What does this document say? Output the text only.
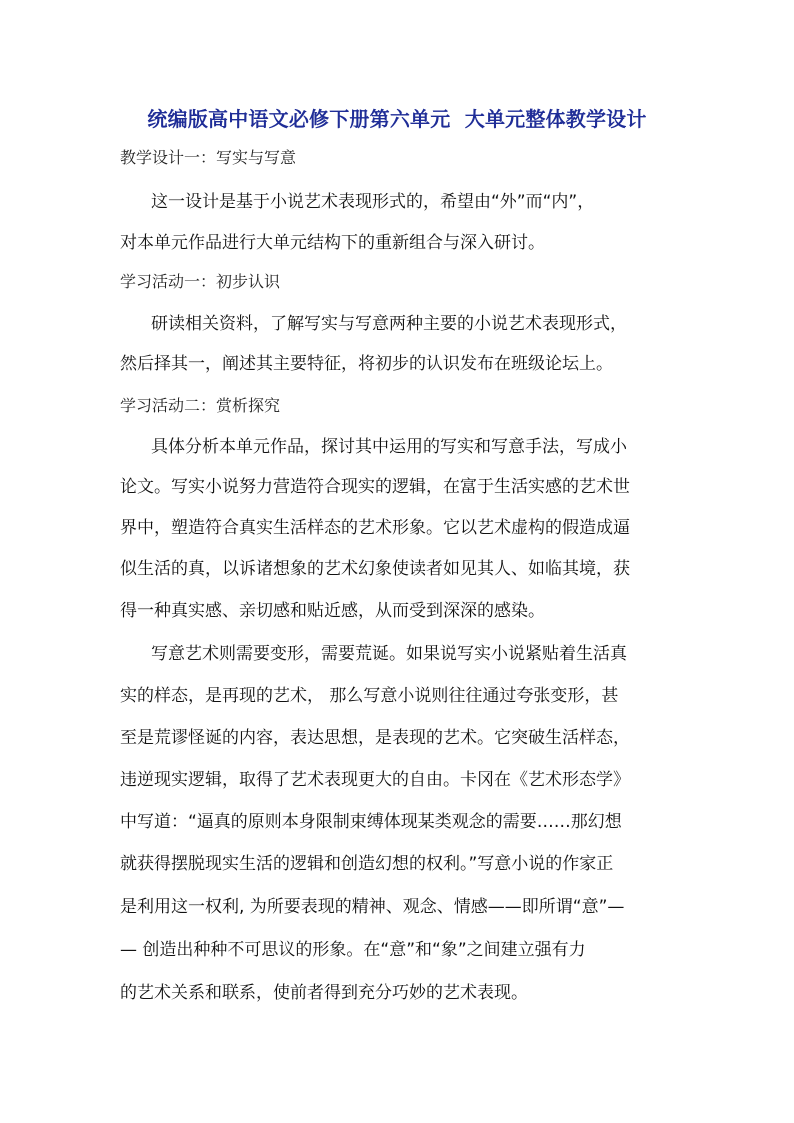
统编版高中语文必修下册第六单元  大单元整体教学设计
教学设计一：写实与写意
这一设计是基于小说艺术表现形式的，希望由“外”而“内”，
对本单元作品进行大单元结构下的重新组合与深入研讨。
学习活动一：初步认识
研读相关资料，了解写实与写意两种主要的小说艺术表现形式，
然后择其一，阐述其主要特征，将初步的认识发布在班级论坛上。
学习活动二：赏析探究
具体分析本单元作品，探讨其中运用的写实和写意手法，写成小
论文。写实小说努力营造符合现实的逻辑，在富于生活实感的艺术世
界中，塑造符合真实生活样态的艺术形象。它以艺术虚构的假造成逼
似生活的真，以诉诸想象的艺术幻象使读者如见其人、如临其境，获
得一种真实感、亲切感和贴近感，从而受到深深的感染。
写意艺术则需要变形，需要荒诞。如果说写实小说紧贴着生活真
实的样态，是再现的艺术， 那么写意小说则往往通过夸张变形，甚
至是荒谬怪诞的内容，表达思想，是表现的艺术。它突破生活样态，
违逆现实逻辑，取得了艺术表现更大的自由。卡冈在《艺术形态学》
中写道：“逼真的原则本身限制束缚体现某类观念的需要……那幻想
就获得摆脱现实生活的逻辑和创造幻想的权利。”写意小说的作家正
是利用这一权利, 为所要表现的精神、观念、情感——即所谓“意”—
— 创造出种种不可思议的形象。在“意”和“象”之间建立强有力
的艺术关系和联系，使前者得到充分巧妙的艺术表现。
